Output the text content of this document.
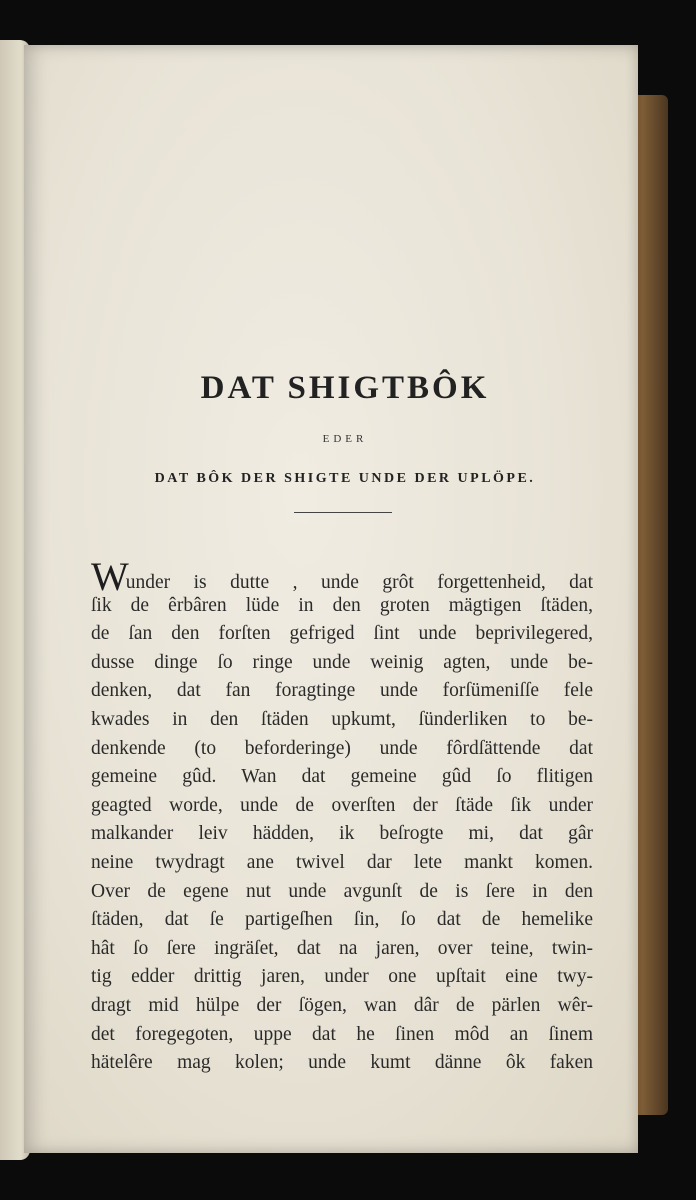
DAT SHIGTBÔK
EDER
DAT BÔK DER SHIGTE UNDE DER UPLÖPE.
Wunder is dutte , unde grôt forgettenheid, dat
ſik de êrbâren lüde in den groten mägtigen ſtäden,
de ſan den forſten gefriged ſint unde beprivilegered,
dusse dinge ſo ringe unde weinig agten, unde be-
denken, dat fan foragtinge unde forſümeniſſe fele
kwades in den ſtäden upkumt, ſünderliken to be-
denkende (to beforderinge) unde fôrdſättende dat
gemeine gûd. Wan dat gemeine gûd ſo flitigen
geagted worde, unde de overſten der ſtäde ſik under
malkander leiv hädden, ik beſrogte mi, dat gâr
neine twydragt ane twivel dar lete mankt komen.
Over de egene nut unde avgunſt de is ſere in den
ſtäden, dat ſe partigeſhen ſin, ſo dat de hemelike
hât ſo ſere ingräſet, dat na jaren, over teine, twin-
tig edder drittig jaren, under one upſtait eine twy-
dragt mid hülpe der ſögen, wan dâr de pärlen wêr-
det foregegoten, uppe dat he ſinen môd an ſinem
hätelêre mag kolen; unde kumt dänne ôk faken
